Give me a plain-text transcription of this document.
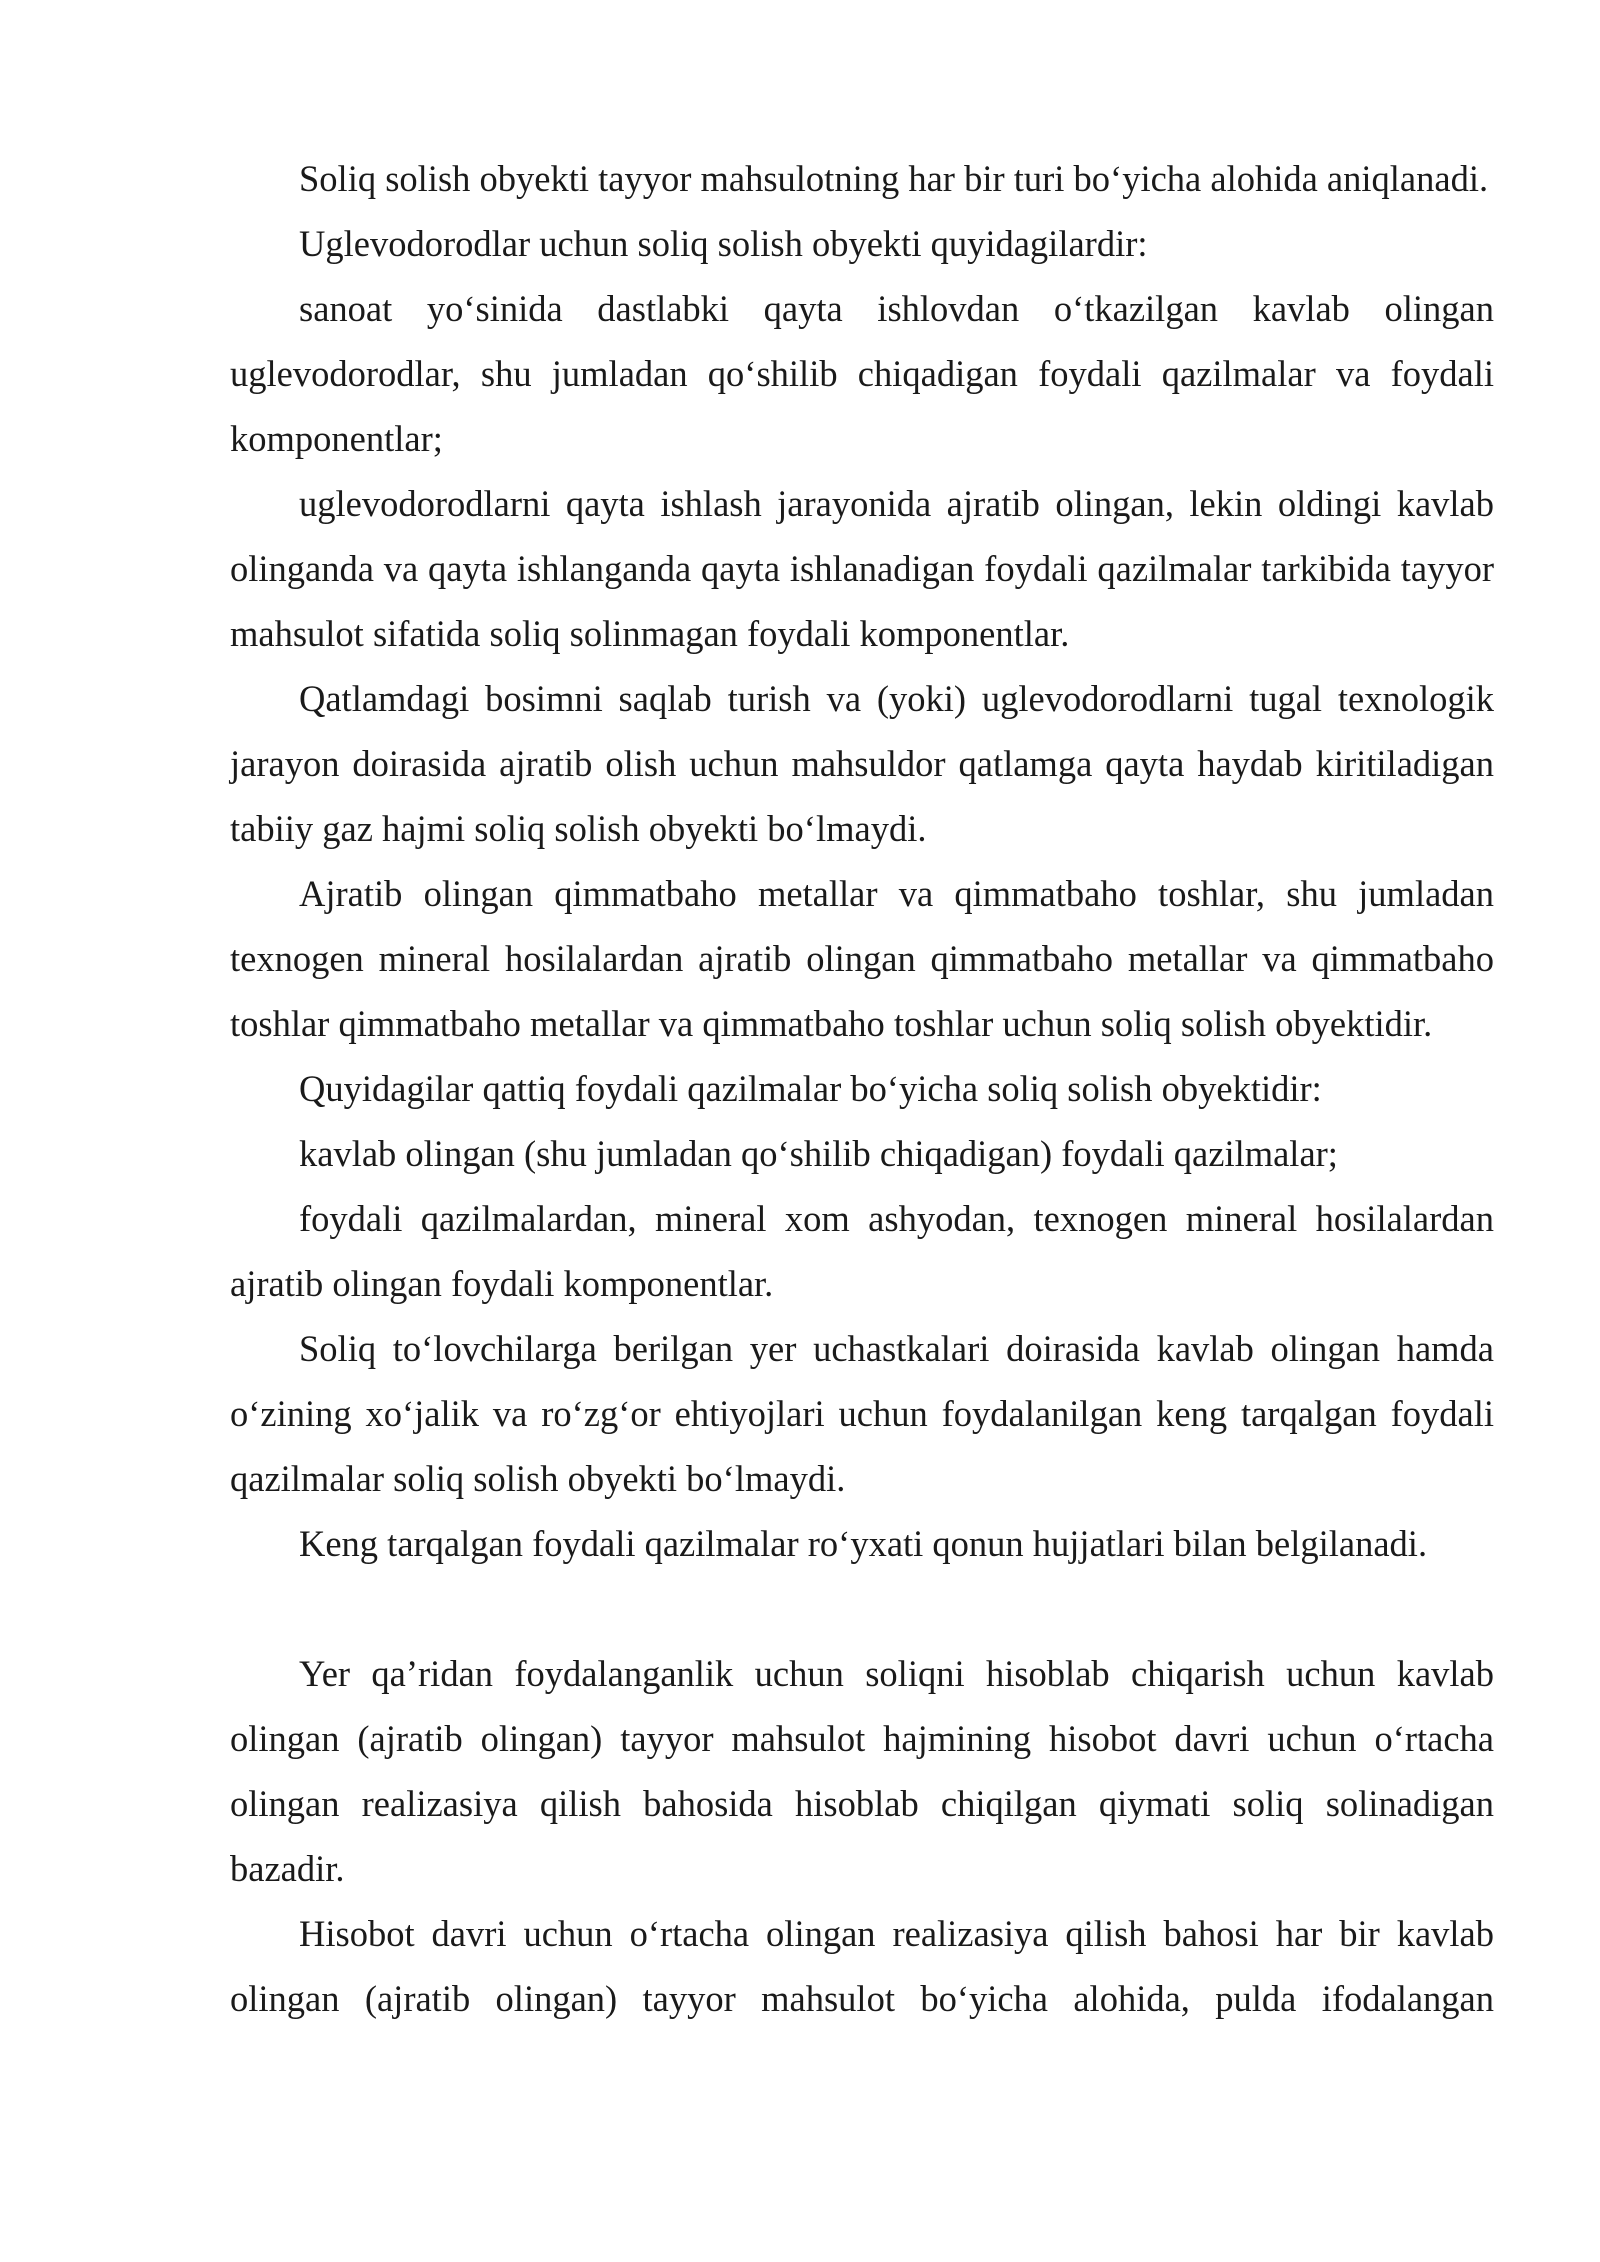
Soliq solish obyekti tayyor mahsulotning har bir turi bo‘yicha alohida aniqlanadi.

Uglevodorodlar uchun soliq solish obyekti quyidagilardir:

sanoat yo‘sinida dastlabki qayta ishlovdan o‘tkazilgan kavlab olingan uglevodorodlar, shu jumladan qo‘shilib chiqadigan foydali qazilmalar va foydali komponentlar;

uglevodorodlarni qayta ishlash jarayonida ajratib olingan, lekin oldingi kavlab olinganda va qayta ishlanganda qayta ishlanadigan foydali qazilmalar tarkibida tayyor mahsulot sifatida soliq solinmagan foydali komponentlar.

Qatlamdagi bosimni saqlab turish va (yoki) uglevodorodlarni tugal texnologik jarayon doirasida ajratib olish uchun mahsuldor qatlamga qayta haydab kiritiladigan tabiiy gaz hajmi soliq solish obyekti bo‘lmaydi.

Ajratib olingan qimmatbaho metallar va qimmatbaho toshlar, shu jumladan texnogen mineral hosilalardan ajratib olingan qimmatbaho metallar va qimmatbaho toshlar qimmatbaho metallar va qimmatbaho toshlar uchun soliq solish obyektidir.

Quyidagilar qattiq foydali qazilmalar bo‘yicha soliq solish obyektidir:

kavlab olingan (shu jumladan qo‘shilib chiqadigan) foydali qazilmalar;

foydali qazilmalardan, mineral xom ashyodan, texnogen mineral hosilalardan ajratib olingan foydali komponentlar.

Soliq to‘lovchilarga berilgan yer uchastkalari doirasida kavlab olingan hamda o‘zining xo‘jalik va ro‘zg‘or ehtiyojlari uchun foydalanilgan keng tarqalgan foydali qazilmalar soliq solish obyekti bo‘lmaydi.

Keng tarqalgan foydali qazilmalar ro‘yxati qonun hujjatlari bilan belgilanadi.

Yer qa’ridan foydalanganlik uchun soliqni hisoblab chiqarish uchun kavlab olingan (ajratib olingan) tayyor mahsulot hajmining hisobot davri uchun o‘rtacha olingan realizasiya qilish bahosida hisoblab chiqilgan qiymati soliq solinadigan bazadir.

Hisobot davri uchun o‘rtacha olingan realizasiya qilish bahosi har bir kavlab olingan (ajratib olingan) tayyor mahsulot bo‘yicha alohida, pulda ifodalangan
